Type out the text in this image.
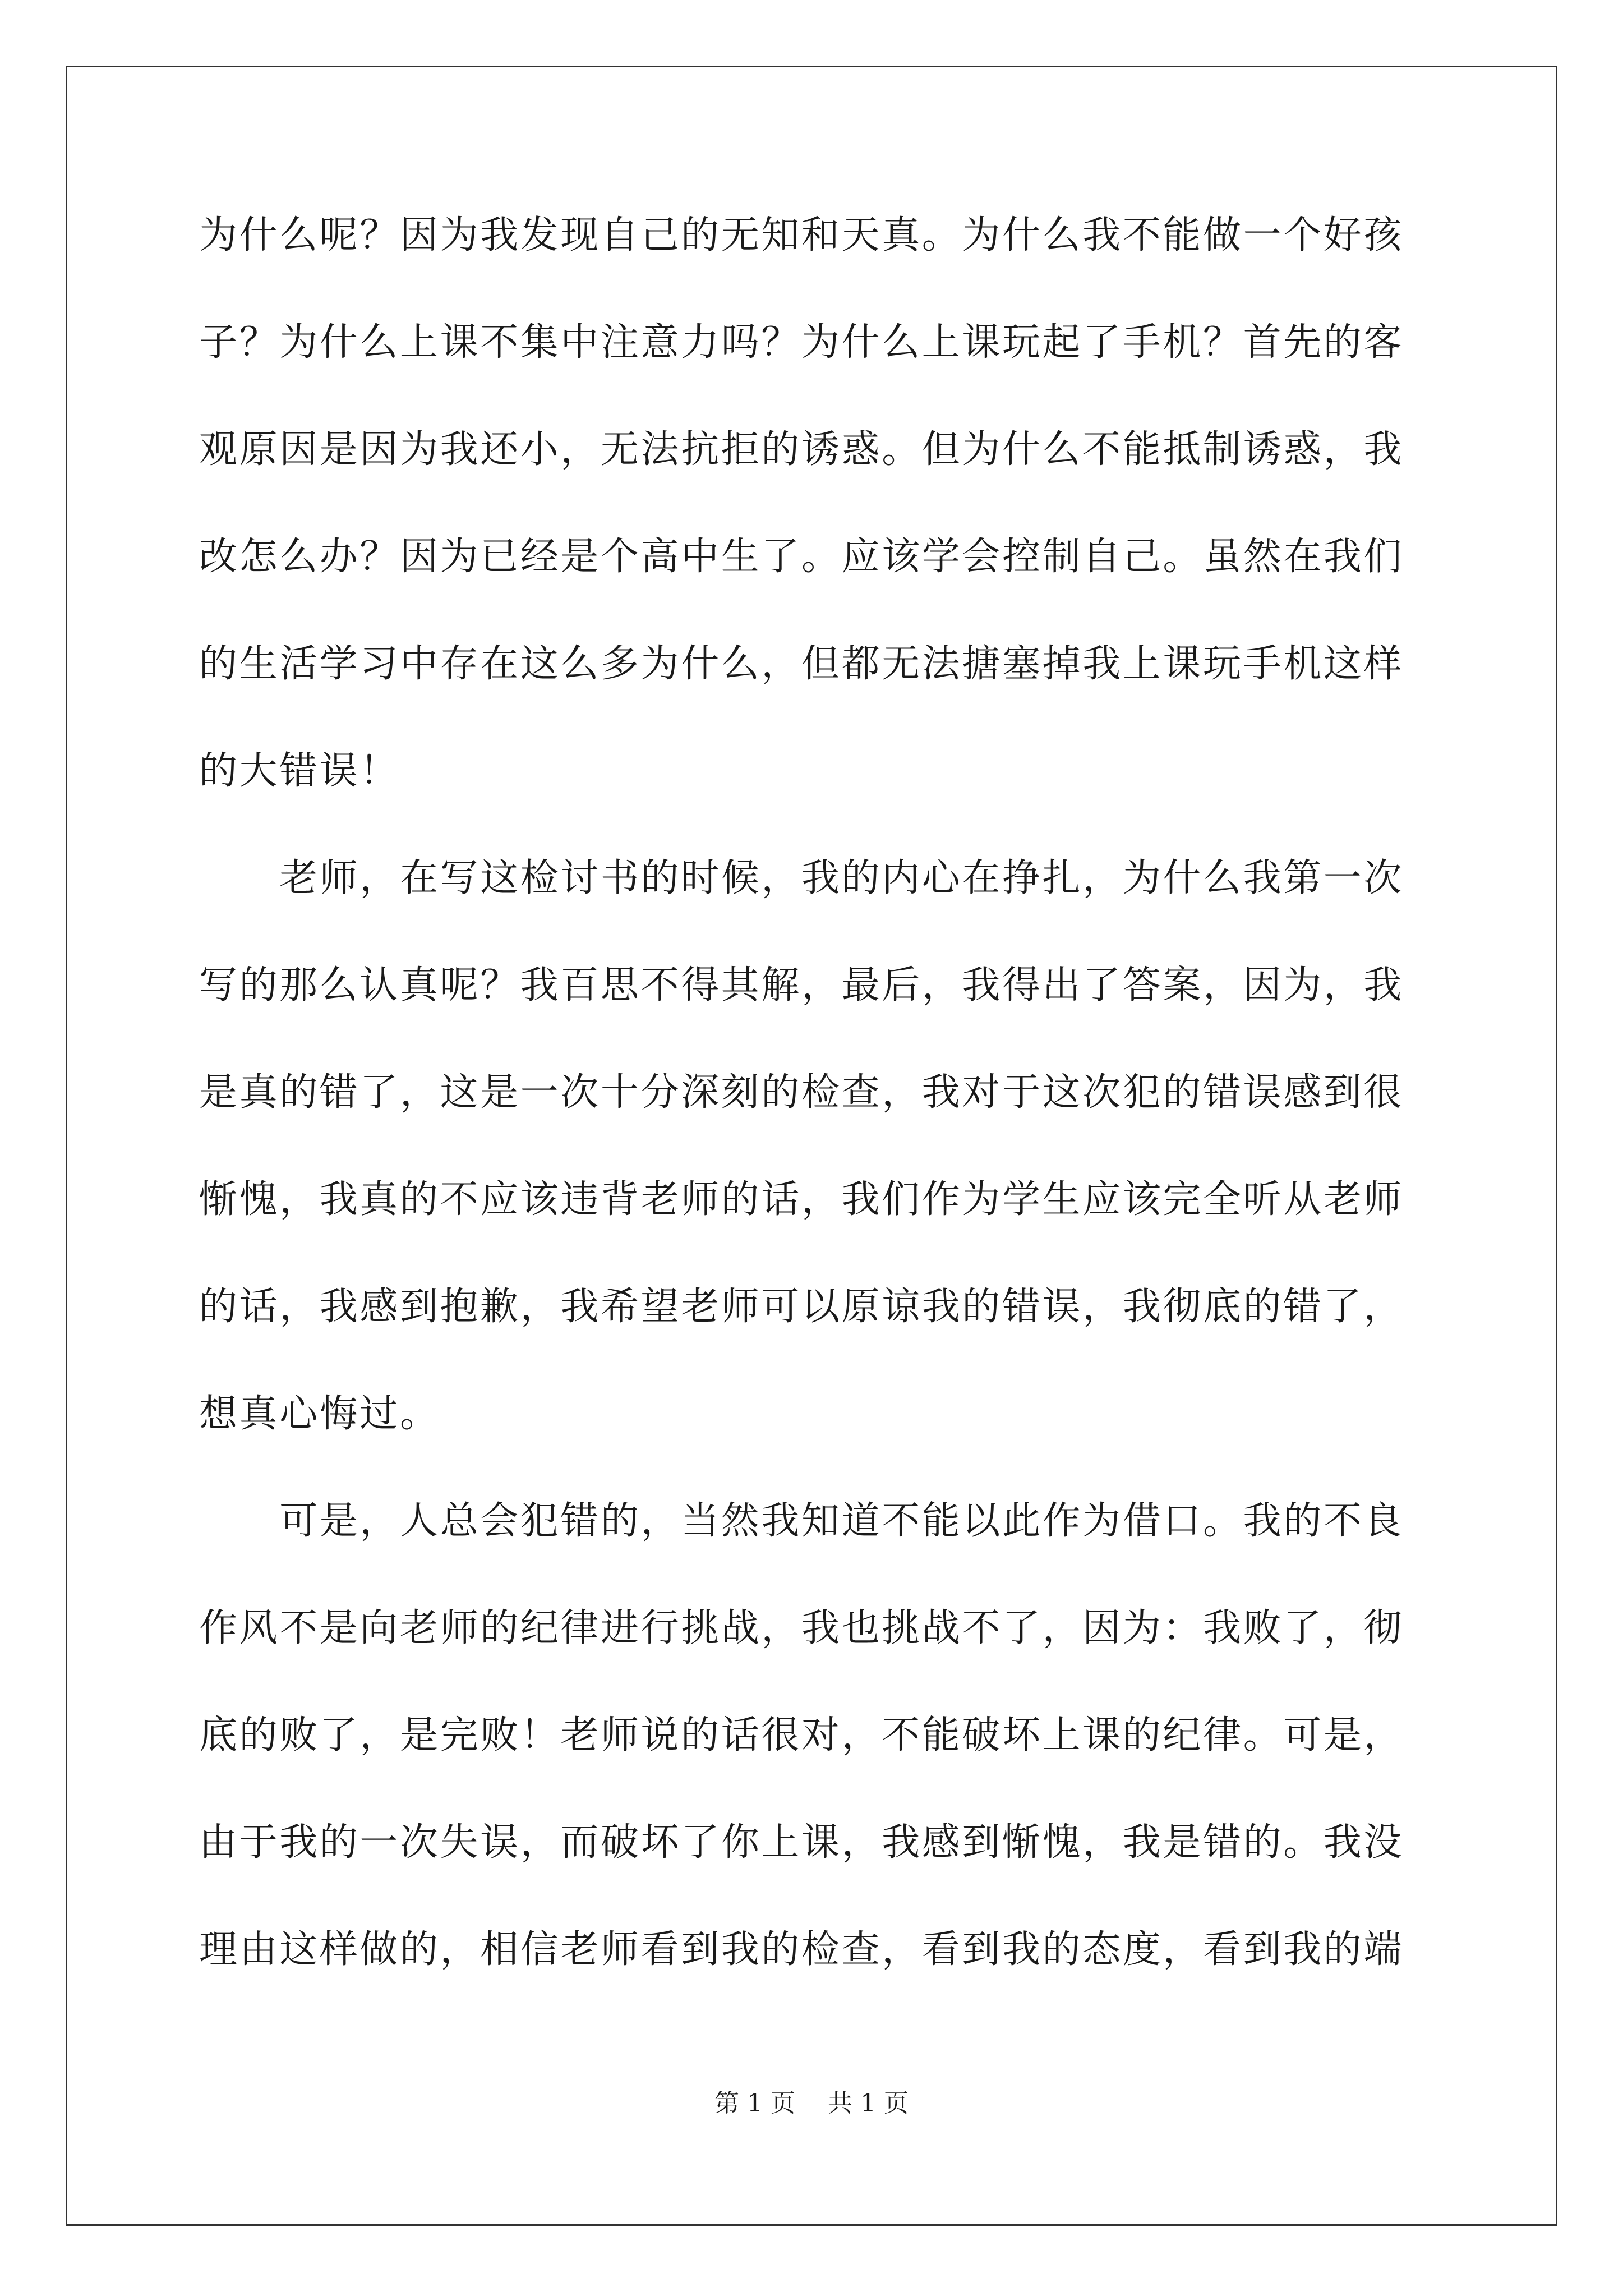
为什么呢？因为我发现自己的无知和天真。为什么我不能做一个好孩
子？为什么上课不集中注意力吗？为什么上课玩起了手机？首先的客
观原因是因为我还小，无法抗拒的诱惑。但为什么不能抵制诱惑，我
改怎么办？因为已经是个高中生了。应该学会控制自己。虽然在我们
的生活学习中存在这么多为什么，但都无法搪塞掉我上课玩手机这样
的大错误！
　　老师，在写这检讨书的时候，我的内心在挣扎，为什么我第一次
写的那么认真呢？我百思不得其解，最后，我得出了答案，因为，我
是真的错了，这是一次十分深刻的检查，我对于这次犯的错误感到很
惭愧，我真的不应该违背老师的话，我们作为学生应该完全听从老师
的话，我感到抱歉，我希望老师可以原谅我的错误，我彻底的错了，
想真心悔过。
　　可是，人总会犯错的，当然我知道不能以此作为借口。我的不良
作风不是向老师的纪律进行挑战，我也挑战不了，因为：我败了，彻
底的败了，是完败！老师说的话很对，不能破坏上课的纪律。可是，
由于我的一次失误，而破坏了你上课，我感到惭愧，我是错的。我没
理由这样做的，相信老师看到我的检查，看到我的态度，看到我的端
第 1 页　 共 1 页
